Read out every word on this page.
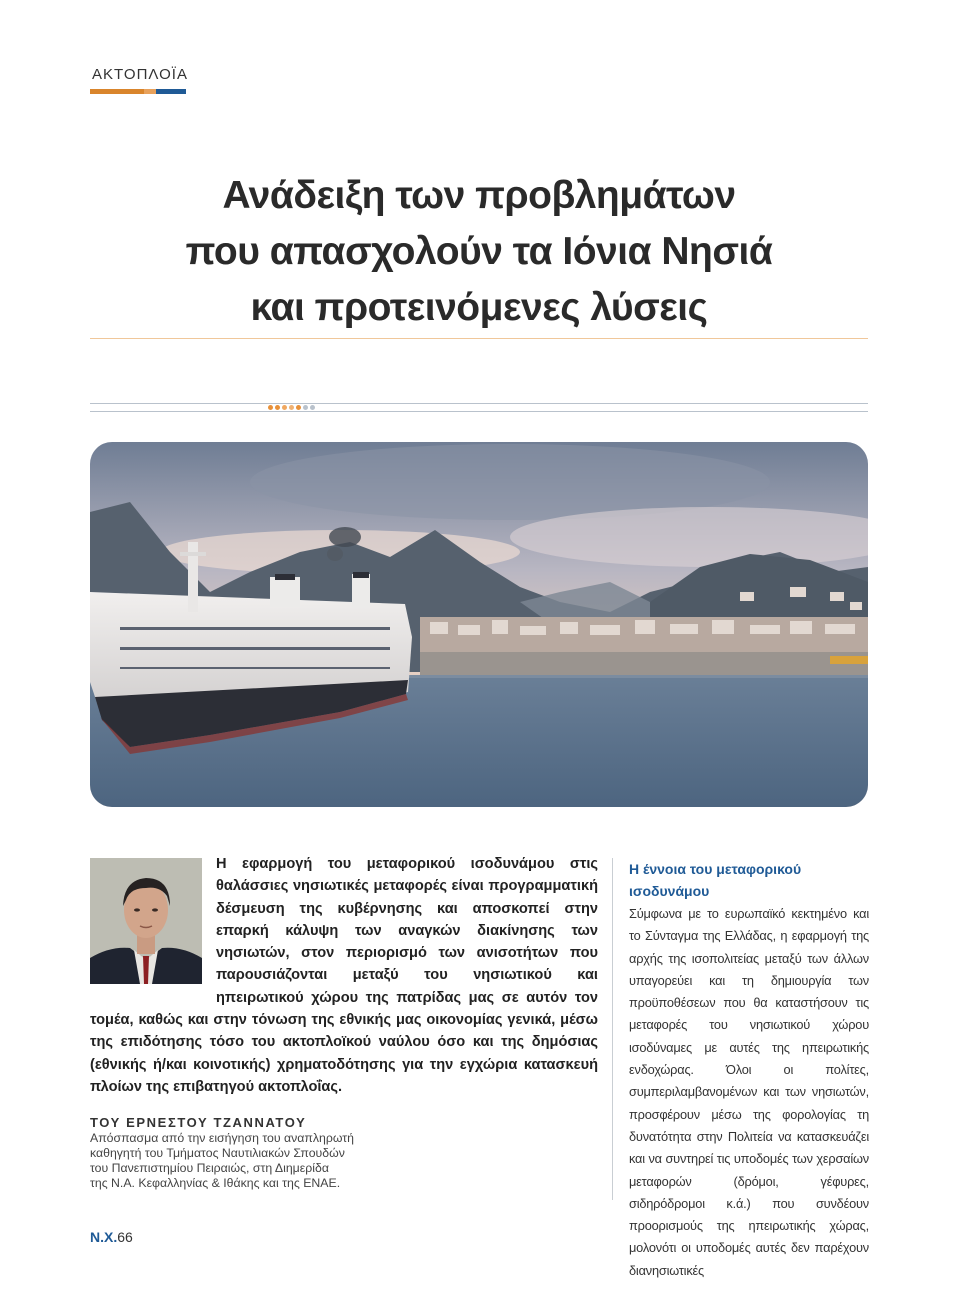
ΑΚΤΟΠΛΟΪΑ
Ανάδειξη των προβλημάτων
που απασχολούν τα Ιόνια Νησιά
και προτεινόμενες λύσεις
Η εφαρμογή του μεταφορικού ισοδυνάμου στις θαλάσσιες νησιωτικές μεταφορές είναι προγραμματική δέσμευση της κυβέρνησης και αποσκοπεί στην επαρκή κάλυψη των αναγκών διακίνησης των νησιωτών, στον περιορισμό των ανισοτήτων που παρουσιάζονται μεταξύ του νησιωτικού και ηπειρωτικού χώρου της πατρίδας μας σε αυτόν τον τομέα, καθώς και στην τόνωση της εθνικής μας οικονομίας γενικά, μέσω της επιδότησης τόσο του ακτοπλοϊκού ναύλου όσο και της δημόσιας (εθνικής ή/και κοινοτικής) χρηματοδότησης για την εγχώρια κατασκευή πλοίων της επιβατηγού ακτοπλοΐας.
ΤΟΥ ΕΡΝΕΣΤΟΥ ΤΖΑΝΝΑΤΟΥ
Απόσπασμα από την εισήγηση του αναπληρωτή
καθηγητή του Τμήματος Ναυτιλιακών Σπουδών
του Πανεπιστημίου Πειραιώς, στη Διημερίδα
της Ν.Α. Κεφαλληνίας & Ιθάκης και της ΕΝΑΕ.
Η έννοια του μεταφορικού
ισοδυνάμου
Σύμφωνα με το ευρωπαϊκό κεκτημένο και το Σύνταγμα της Ελλάδας, η εφαρμογή της αρχής της ισοπολιτείας μεταξύ των άλλων υπαγορεύει και τη δημιουργία των προϋποθέσεων που θα καταστήσουν τις μεταφορές του νησιωτικού χώρου ισοδύναμες με αυτές της ηπειρωτικής ενδοχώρας. Όλοι οι πολίτες, συμπεριλαμβανομένων και των νησιωτών, προσφέρουν μέσω της φορολογίας τη δυνατότητα στην Πολιτεία να κατασκευάζει και να συντηρεί τις υποδομές των χερσαίων μεταφορών (δρόμοι, γέφυρες, σιδηρόδρομοι κ.ά.) που συνδέουν προορισμούς της ηπειρωτικής χώρας, μολονότι οι υποδομές αυτές δεν παρέχουν διανησιωτικές
Ν.Χ.66
